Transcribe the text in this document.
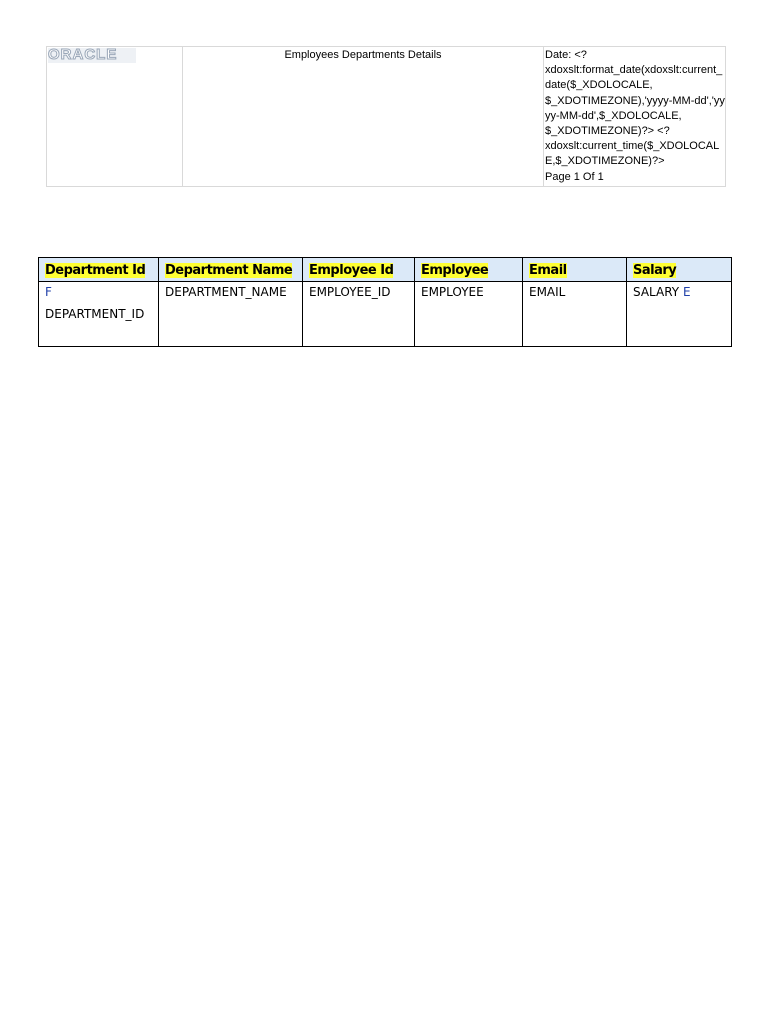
ORACLE	Employees Departments Details	Date: <?
xdoxslt:format_date(xdoxslt:current_date($_XDOLOCALE,
$_XDOTIMEZONE),'yyyy-MM-dd','yyyy-MM-dd',$_XDOLOCALE,
$_XDOTIMEZONE)?> <?
xdoxslt:current_time($_XDOLOCALE,$_XDOTIMEZONE)?>
Page 1 Of 1
Department Id	Department Name	Employee Id	Employee	Email	Salary
F
DEPARTMENT_ID	DEPARTMENT_NAME	EMPLOYEE_ID	EMPLOYEE	EMAIL	SALARY E
